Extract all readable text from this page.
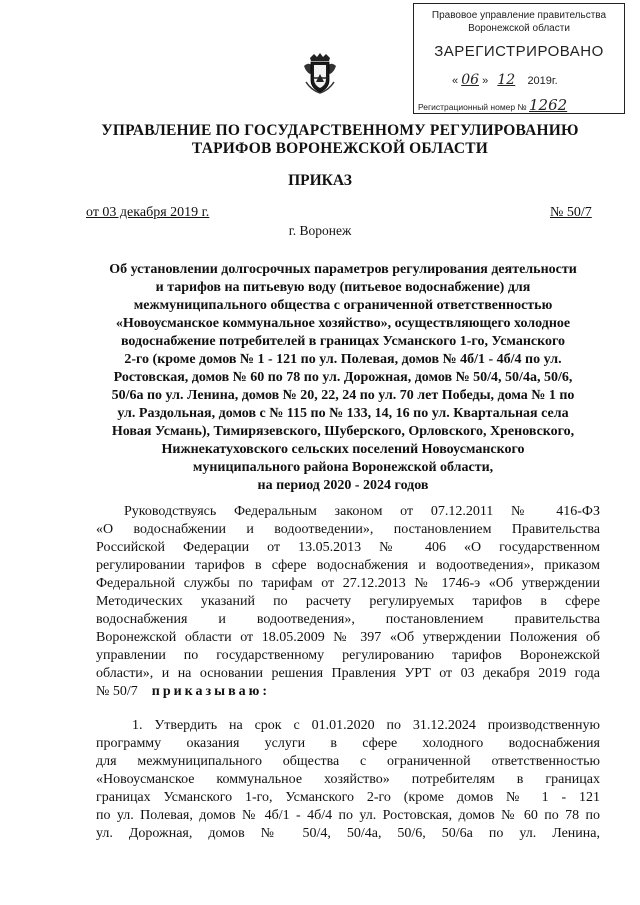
Правовое управление правительства
Воронежской области
ЗАРЕГИСТРИРОВАНО
« 06 » 12 2019г.
Регистрационный номер № 1262
УПРАВЛЕНИЕ ПО ГОСУДАРСТВЕННОМУ РЕГУЛИРОВАНИЮ
ТАРИФОВ ВОРОНЕЖСКОЙ ОБЛАСТИ
ПРИКАЗ
от 03 декабря 2019 г.	№ 50/7
г. Воронеж
Об установлении долгосрочных параметров регулирования деятельности
и тарифов на питьевую воду (питьевое водоснабжение) для
межмуниципального общества с ограниченной ответственностью
«Новоусманское коммунальное хозяйство», осуществляющего холодное
водоснабжение потребителей в границах Усманского 1-го, Усманского
2-го (кроме домов № 1 - 121 по ул. Полевая, домов № 4б/1 - 4б/4 по ул.
Ростовская, домов № 60 по 78 по ул. Дорожная, домов № 50/4, 50/4а, 50/6,
50/6а по ул. Ленина, домов № 20, 22, 24 по ул. 70 лет Победы, дома № 1 по
ул. Раздольная, домов с № 115 по № 133, 14, 16 по ул. Квартальная села
Новая Усмань), Тимирязевского, Шуберского, Орловского, Хреновского,
Нижнекатуховского сельских поселений Новоусманского
муниципального района Воронежской области,
на период 2020 - 2024 годов
Руководствуясь Федеральным законом от 07.12.2011 № 416-ФЗ
«О водоснабжении и водоотведении», постановлением Правительства
Российской Федерации от 13.05.2013 № 406 «О государственном
регулировании тарифов в сфере водоснабжения и водоотведения», приказом
Федеральной службы по тарифам от 27.12.2013 № 1746-э «Об утверждении
Методических указаний по расчету регулируемых тарифов в сфере
водоснабжения и водоотведения», постановлением правительства
Воронежской области от 18.05.2009 № 397 «Об утверждении Положения об
управлении по государственному регулированию тарифов Воронежской
области», и на основании решения Правления УРТ от 03 декабря 2019 года
№ 50/7 приказываю:
1. Утвердить на срок с 01.01.2020 по 31.12.2024 производственную
программу оказания услуги в сфере холодного водоснабжения
для межмуниципального общества с ограниченной ответственностью
«Новоусманское коммунальное хозяйство» потребителям в границах
границах Усманского 1-го, Усманского 2-го (кроме домов № 1 - 121
по ул. Полевая, домов № 4б/1 - 4б/4 по ул. Ростовская, домов № 60 по 78 по
ул. Дорожная, домов № 50/4, 50/4а, 50/6, 50/6а по ул. Ленина,
